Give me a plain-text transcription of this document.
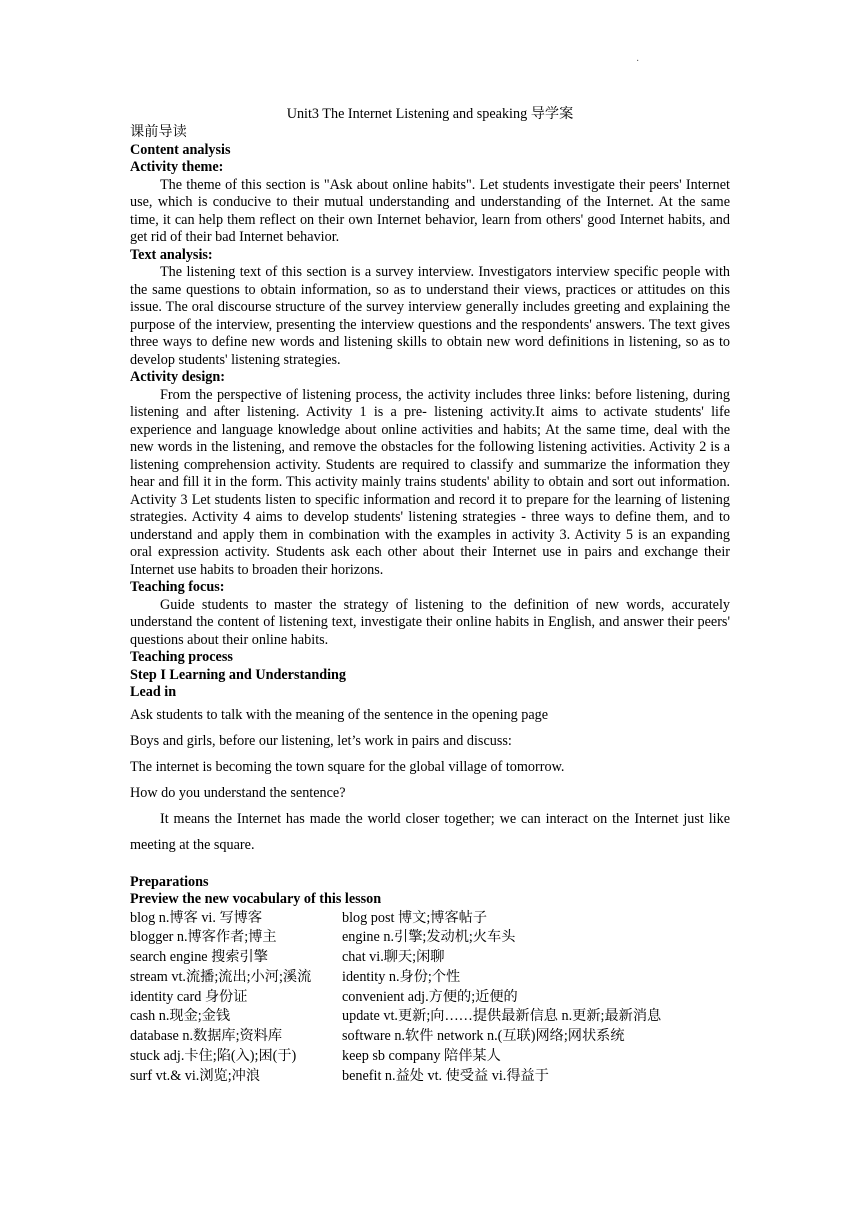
·
Unit3 The Internet Listening and speaking 导学案
课前导读
Content analysis
Activity theme:

The theme of this section is "Ask about online habits". Let students investigate their peers' Internet use, which is conducive to their mutual understanding and understanding of the Internet. At the same time, it can help them reflect on their own Internet behavior, learn from others' good Internet habits, and get rid of their bad Internet behavior.

Text analysis:

The listening text of this section is a survey interview. Investigators interview specific people with the same questions to obtain information, so as to understand their views, practices or attitudes on this issue. The oral discourse structure of the survey interview generally includes greeting and explaining the purpose of the interview, presenting the interview questions and the respondents' answers. The text gives three ways to define new words and listening skills to obtain new word definitions in listening, so as to develop students' listening strategies.

Activity design:

From the perspective of listening process, the activity includes three links: before listening, during listening and after listening. Activity 1 is a pre- listening activity.It aims to activate students' life experience and language knowledge about online activities and habits; At the same time, deal with the new words in the listening, and remove the obstacles for the following listening activities. Activity 2 is a listening comprehension activity. Students are required to classify and summarize the information they hear and fill it in the form. This activity mainly trains students' ability to obtain and sort out information. Activity 3 Let students listen to specific information and record it to prepare for the learning of listening strategies. Activity 4 aims to develop students' listening strategies - three ways to define them, and to understand and apply them in combination with the examples in activity 3. Activity 5 is an expanding oral expression activity. Students ask each other about their Internet use in pairs and exchange their Internet use habits to broaden their horizons.

Teaching focus:

Guide students to master the strategy of listening to the definition of new words, accurately understand the content of listening text, investigate their online habits in English, and answer their peers' questions about their online habits.

Teaching process
Step I Learning and Understanding
Lead in
Ask students to talk with the meaning of the sentence in the opening page
Boys and girls, before our listening, let’s work in pairs and discuss:
The internet is becoming the town square for the global village of tomorrow.
How do you understand the sentence?

It means the Internet has made the world closer together; we can interact on the Internet just like meeting at the square.

Preparations
Preview the new vocabulary of this lesson
blog n.博客 vi. 写博客	blog post 博文;博客帖子
blogger n.博客作者;博主	engine n.引擎;发动机;火车头
search engine 搜索引擎	chat vi.聊天;闲聊
stream vt.流播;流出;小河;溪流	identity n.身份;个性
identity card 身份证	convenient adj.方便的;近便的
cash n.现金;金钱	update vt.更新;向……提供最新信息 n.更新;最新消息
database n.数据库;资料库	software n.软件 network n.(互联)网络;网状系统
stuck adj.卡住;陷(入);困(于)	keep sb company 陪伴某人
surf vt.& vi.浏览;冲浪	benefit n.益处 vt. 使受益 vi.得益于
